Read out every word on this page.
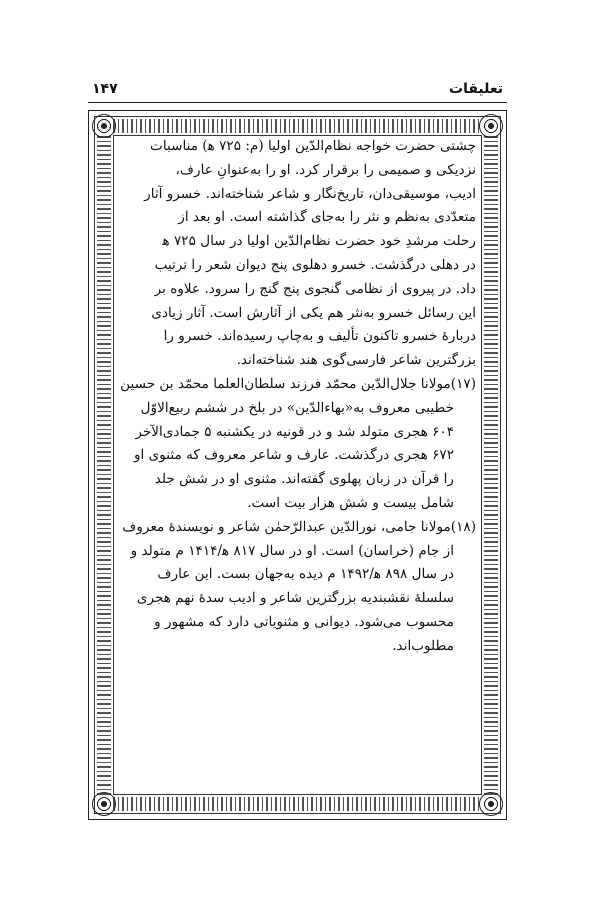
۱۴۷	تعلیقات

چشتی حضرت خواجه نظام‌الدّین اولیا (م: ۷۲۵ ﻫ) مناسبات

نزدیکی و صمیمی را برقرار کرد. او را به‌عنوانِ عارف،

ادیب، موسیقی‌دان، تاریخ‌نگار و شاعر شناخته‌اند. خسرو آثار

متعدّدی به‌نظم و نثر را به‌جای گذاشته است. او بعد از

رحلت مرشدِ خود حضرت نظام‌الدّین اولیا در سال ۷۲۵ ﻫ

در دهلی درگذشت. خسرو دهلوی پنج دیوان شعر را ترتیب

داد. در پیروی از نظامی گنجوی پنج گنج را سرود. علاوه بر

این رسائل خسرو به‌نثر هم یکی از آثارش است. آثار زیادی

دربارهٔ خسرو تاکنون تألیف و به‌چاپ رسیده‌اند. خسرو را

بزرگترین شاعر فارسی‌گوی هند شناخته‌اند.

(۱۷)مولانا جلال‌الدّین محمّد فرزند سلطان‌العلما محمّد بن حسین

خطیبی معروف به«بهاءالدّین» در بلخ در ششم ربیع‌الاوّل

۶۰۴ هجری متولد شد و در قونیه در یکشنبه ۵ جمادی‌الآخر

۶۷۲ هجری درگذشت. عارف و شاعر معروف که مثنوی او

را قرآن در زبان پهلوی گفته‌اند. مثنوی او در شش جلد

شامل بیست و شش هزار بیت است.

(۱۸)مولانا جامی، نورالدّین عبدالرّحمٰن شاعر و نویسندهٔ معروف

از جام (خراسان) است. او در سال ۸۱۷ ﻫ/۱۴۱۴ م متولد و

در سال ۸۹۸ ﻫ/۱۴۹۲ م دیده به‌جهان بست. این عارف

سلسلهٔ نقشبندیه بزرگترین شاعر و ادیب سدهٔ نهم هجری

محسوب می‌شود. دیوانی و مثنویاتی دارد که مشهور و

مطلوب‌اند.
